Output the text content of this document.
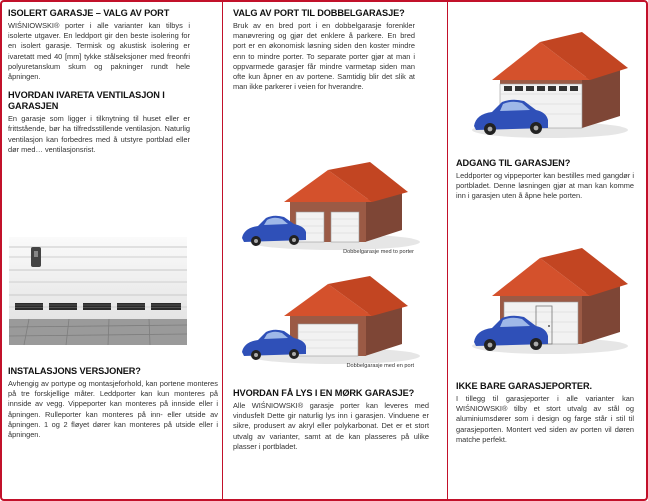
ISOLERT GARASJE – VALG AV PORT

WIŚNIOWSKI® porter i alle varianter kan tilbys i isolerte utgaver. En leddport gir den beste isolering for en isolert garasje. Termisk og akustisk isolering er ivaretatt med 40 [mm] tykke stålseksjoner med freonfri polyuretanskum skum og pakninger rundt hele åpningen.

HVORDAN IVARETA VENTILASJON I GARASJEN

En garasje som ligger i tilknytning til huset eller er frittstående, bør ha tilfredsstillende ventilasjon. Naturlig ventilasjon kan forbedres med å utstyre portblad eller dør med… ventilasjonsrist.

INSTALASJONS VERSJONER?

Avhengig av portype og montasjeforhold, kan portene monteres på tre forskjellige måter. Leddporter kan kun monteres på innside av vegg. Vippeporter kan monteres på innside eller i åpningen. Rulleporter kan monteres på inn- eller utside av åpningen. 1 og 2 fløyet dører kan monteres på utside eller i åpningen.

VALG AV PORT TIL DOBBELGARASJE?

Bruk av en bred port i en dobbelgarasje forenkler manøvrering og gjør det enklere å parkere. En bred port er en økonomisk løsning siden den koster mindre enn to mindre porter. To separate porter gjør at man i oppvarmede garasjer får mindre varmetap siden man ofte kun åpner en av portene. Samtidig blir det slik at man ikke parkerer i veien for hverandre.

Dobbelgarasje med to porter
Dobbelgarasje med en port
HVORDAN FÅ LYS I EN MØRK GARASJE?

Alle WIŚNIOWSKI® garasje porter kan leveres med vindusfelt Dette gir naturlig lys inn i garasjen. Vinduene er sikre, produsert av akryl eller polykarbonat. Det er et stort utvalg av varianter, samt at de kan plasseres på ulike plasser i portbladet.

ADGANG TIL GARASJEN?

Leddporter og vippeporter kan bestilles med gangdør i portbladet. Denne løsningen gjør at man kan komme inn i garasjen uten å åpne hele porten.

IKKE BARE GARASJEPORTER.

I tillegg til garasjeporter i alle varianter kan WIŚNIOWSKI® tilby et stort utvalg av stål og aluminiumsdører som i design og farge står i stil til garasjeporten. Montert ved siden av porten vil døren matche perfekt.
